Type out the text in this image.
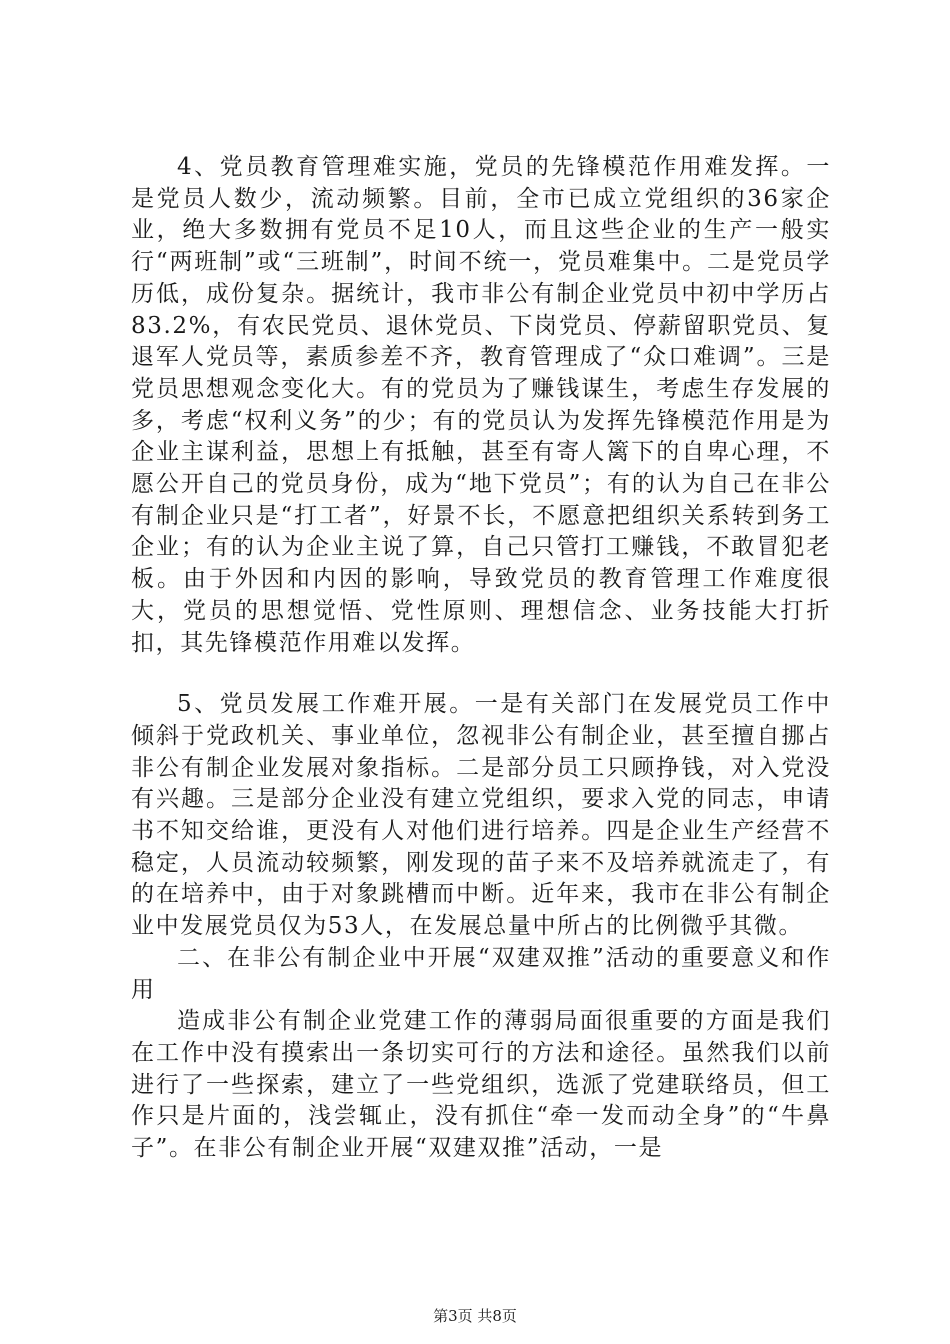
4、党员教育管理难实施，党员的先锋模范作用难发挥。一是党员人数少，流动频繁。目前，全市已成立党组织的36家企业，绝大多数拥有党员不足10人，而且这些企业的生产一般实行“两班制”或“三班制”，时间不统一，党员难集中。二是党员学历低，成份复杂。据统计，我市非公有制企业党员中初中学历占83.2%，有农民党员、退休党员、下岗党员、停薪留职党员、复退军人党员等，素质参差不齐，教育管理成了“众口难调”。三是党员思想观念变化大。有的党员为了赚钱谋生，考虑生存发展的多，考虑“权利义务”的少；有的党员认为发挥先锋模范作用是为企业主谋利益，思想上有抵触，甚至有寄人篱下的自卑心理，不愿公开自己的党员身份，成为“地下党员”；有的认为自己在非公有制企业只是“打工者”，好景不长，不愿意把组织关系转到务工企业；有的认为企业主说了算，自己只管打工赚钱，不敢冒犯老板。由于外因和内因的影响，导致党员的教育管理工作难度很大，党员的思想觉悟、党性原则、理想信念、业务技能大打折扣，其先锋模范作用难以发挥。

5、党员发展工作难开展。一是有关部门在发展党员工作中倾斜于党政机关、事业单位，忽视非公有制企业，甚至擅自挪占非公有制企业发展对象指标。二是部分员工只顾挣钱，对入党没有兴趣。三是部分企业没有建立党组织，要求入党的同志，申请书不知交给谁，更没有人对他们进行培养。四是企业生产经营不稳定，人员流动较频繁，刚发现的苗子来不及培养就流走了，有的在培养中，由于对象跳槽而中断。近年来，我市在非公有制企业中发展党员仅为53人，在发展总量中所占的比例微乎其微。

二、在非公有制企业中开展“双建双推”活动的重要意义和作用

造成非公有制企业党建工作的薄弱局面很重要的方面是我们在工作中没有摸索出一条切实可行的方法和途径。虽然我们以前进行了一些探索，建立了一些党组织，选派了党建联络员，但工作只是片面的，浅尝辄止，没有抓住“牵一发而动全身”的“牛鼻子”。在非公有制企业开展“双建双推”活动，一是

第3页 共8页
